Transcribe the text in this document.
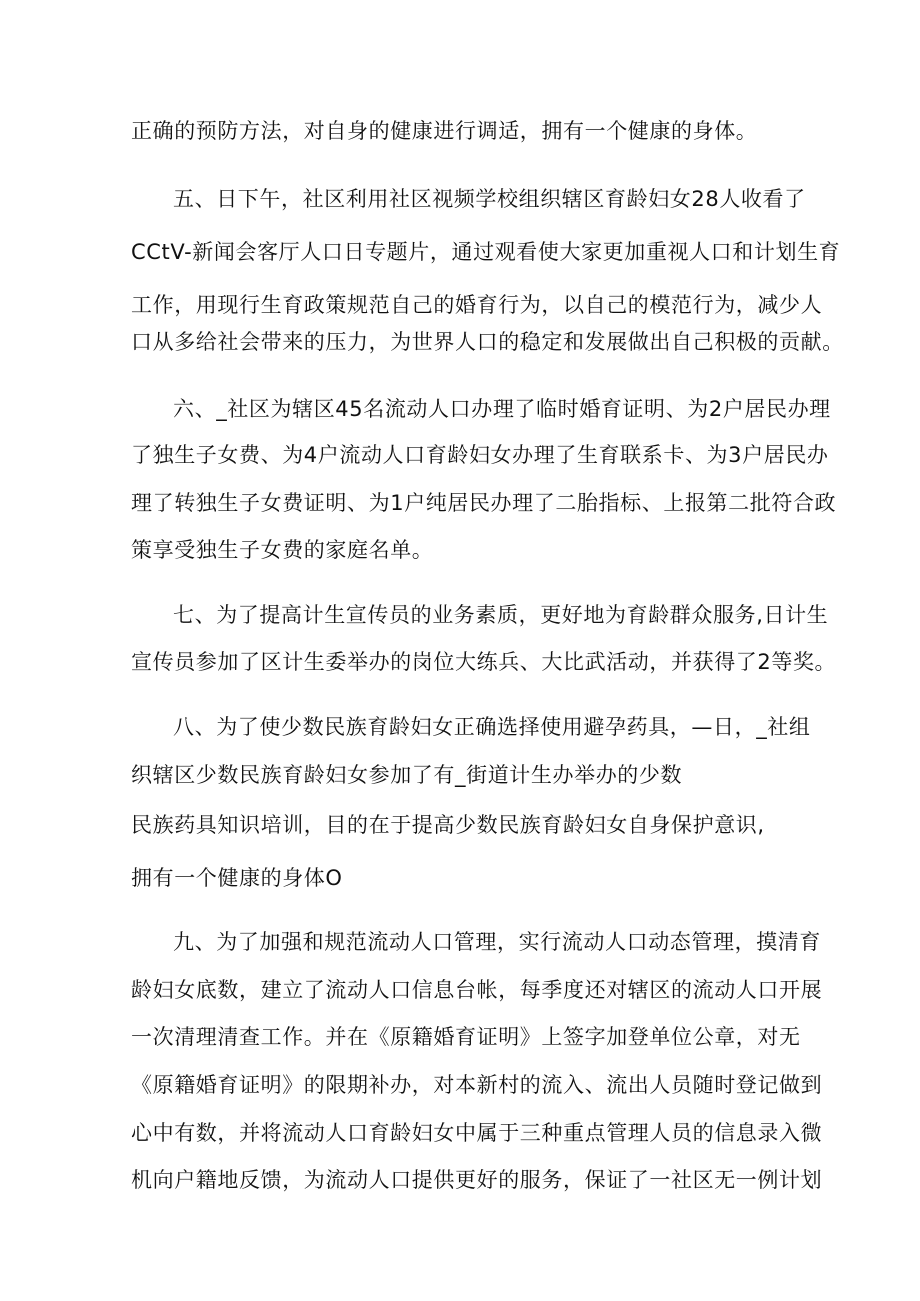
正确的预防方法，对自身的健康进行调适，拥有一个健康的身体。
五、日下午，社区利用社区视频学校组织辖区育龄妇女28人收看了
CCtV-新闻会客厅人口日专题片，通过观看使大家更加重视人口和计划生育
工作，用现行生育政策规范自己的婚育行为，以自己的模范行为，减少人
口从多给社会带来的压力，为世界人口的稳定和发展做出自己积极的贡献。
六、_社区为辖区45名流动人口办理了临时婚育证明、为2户居民办理
了独生子女费、为4户流动人口育龄妇女办理了生育联系卡、为3户居民办
理了转独生子女费证明、为1户纯居民办理了二胎指标、上报第二批符合政
策享受独生子女费的家庭名单。
七、为了提高计生宣传员的业务素质，更好地为育龄群众服务,日计生
宣传员参加了区计生委举办的岗位大练兵、大比武活动，并获得了2等奖。
八、为了使少数民族育龄妇女正确选择使用避孕药具，—日，_社组
织辖区少数民族育龄妇女参加了有_街道计生办举办的少数
民族药具知识培训，目的在于提高少数民族育龄妇女自身保护意识,
拥有一个健康的身体O
九、为了加强和规范流动人口管理，实行流动人口动态管理，摸清育
龄妇女底数，建立了流动人口信息台帐，每季度还对辖区的流动人口开展
一次清理清查工作。并在《原籍婚育证明》上签字加登单位公章，对无
《原籍婚育证明》的限期补办，对本新村的流入、流出人员随时登记做到
心中有数，并将流动人口育龄妇女中属于三种重点管理人员的信息录入微
机向户籍地反馈，为流动人口提供更好的服务，保证了一社区无一例计划
